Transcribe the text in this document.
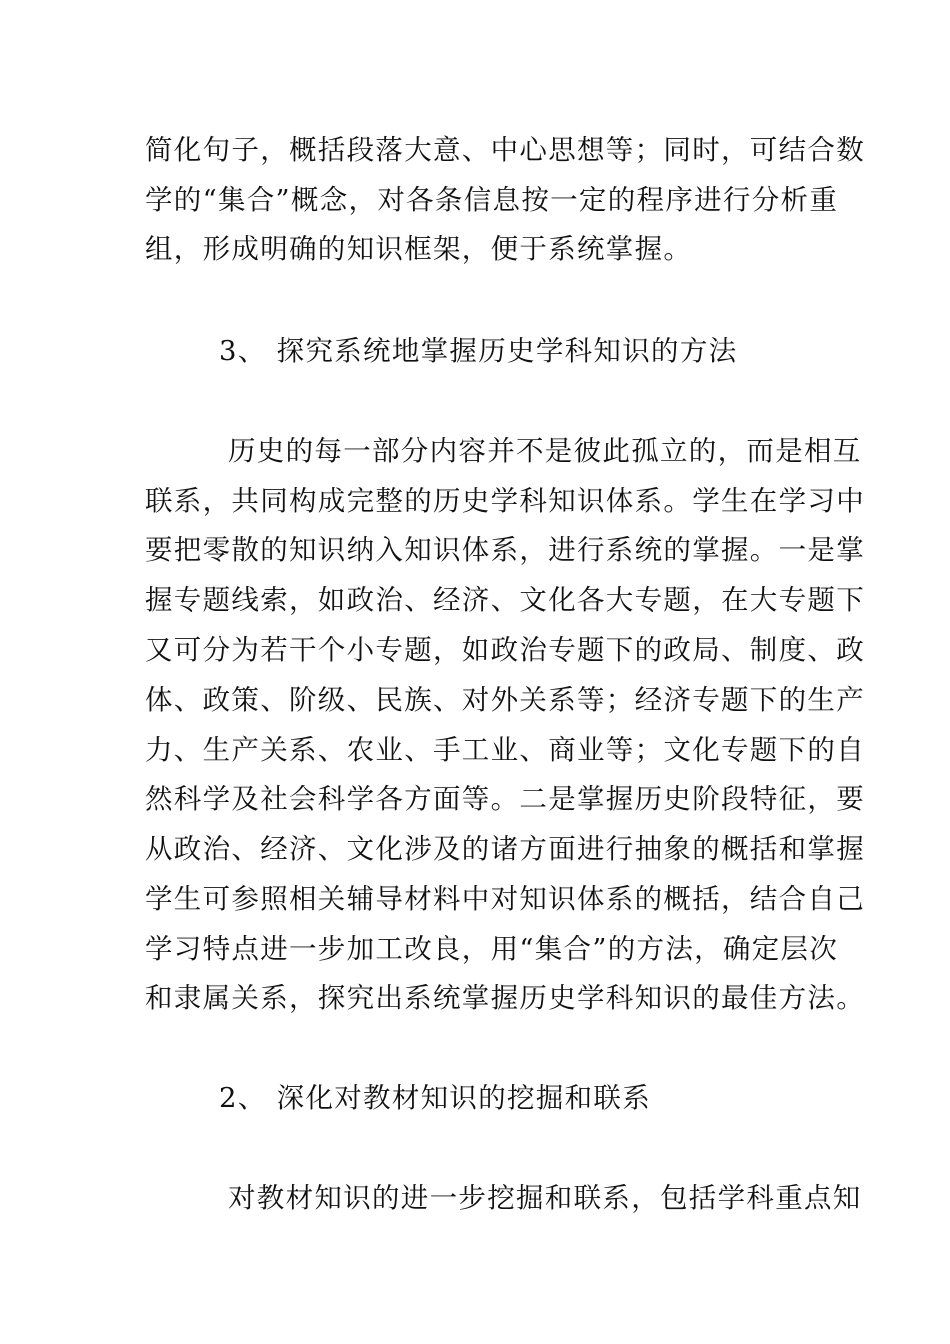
简化句子，概括段落大意、中心思想等；同时，可结合数

学的“集合”概念，对各条信息按一定的程序进行分析重

组，形成明确的知识框架，便于系统掌握。

3、 探究系统地掌握历史学科知识的方法

历史的每一部分内容并不是彼此孤立的，而是相互

联系，共同构成完整的历史学科知识体系。学生在学习中

要把零散的知识纳入知识体系，进行系统的掌握。一是掌

握专题线索，如政治、经济、文化各大专题，在大专题下

又可分为若干个小专题，如政治专题下的政局、制度、政

体、政策、阶级、民族、对外关系等；经济专题下的生产

力、生产关系、农业、手工业、商业等；文化专题下的自

然科学及社会科学各方面等。二是掌握历史阶段特征，要

从政治、经济、文化涉及的诸方面进行抽象的概括和掌握

学生可参照相关辅导材料中对知识体系的概括，结合自己

学习特点进一步加工改良，用“集合”的方法，确定层次

和隶属关系，探究出系统掌握历史学科知识的最佳方法。

2、 深化对教材知识的挖掘和联系

对教材知识的进一步挖掘和联系，包括学科重点知
